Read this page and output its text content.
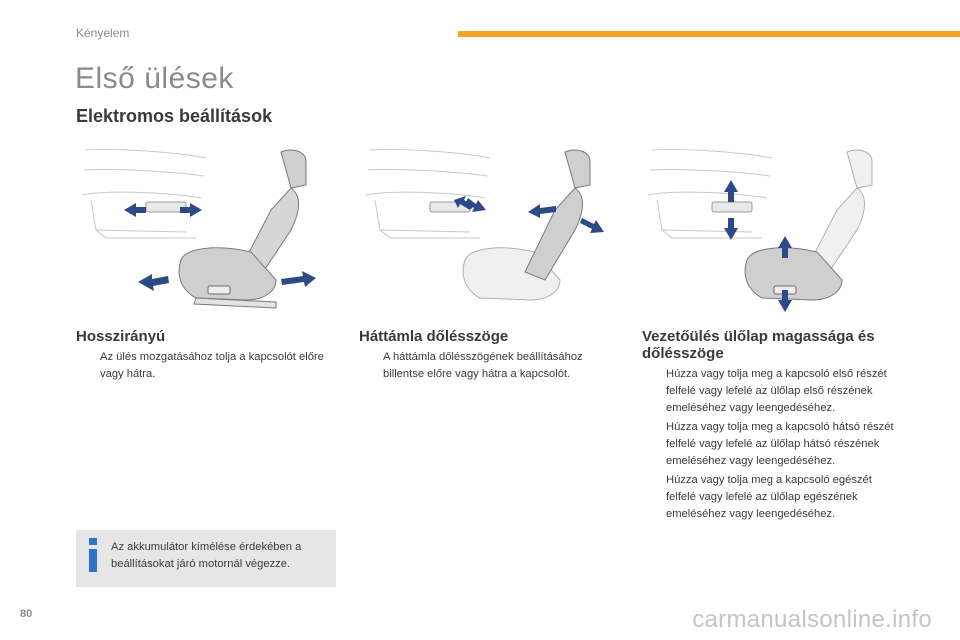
Kényelem
Első ülések
Elektromos beállítások
Hosszirányú
Az ülés mozgatásához tolja a kapcsolót előre vagy hátra.
Háttámla dőlésszöge
A háttámla dőlésszögének beállításához billentse előre vagy hátra a kapcsolót.
Vezetőülés ülőlap magassága és dőlésszöge
Húzza vagy tolja meg a kapcsoló első részét felfelé vagy lefelé az ülőlap első részének emeléséhez vagy leengedéséhez.
Húzza vagy tolja meg a kapcsoló hátsó részét felfelé vagy lefelé az ülőlap hátsó részének emeléséhez vagy leengedéséhez.
Húzza vagy tolja meg a kapcsoló egészét felfelé vagy lefelé az ülőlap egészének emeléséhez vagy leengedéséhez.
Az akkumulátor kímélése érdekében a beállításokat járó motornál végezze.
80	carmanualsonline.info
